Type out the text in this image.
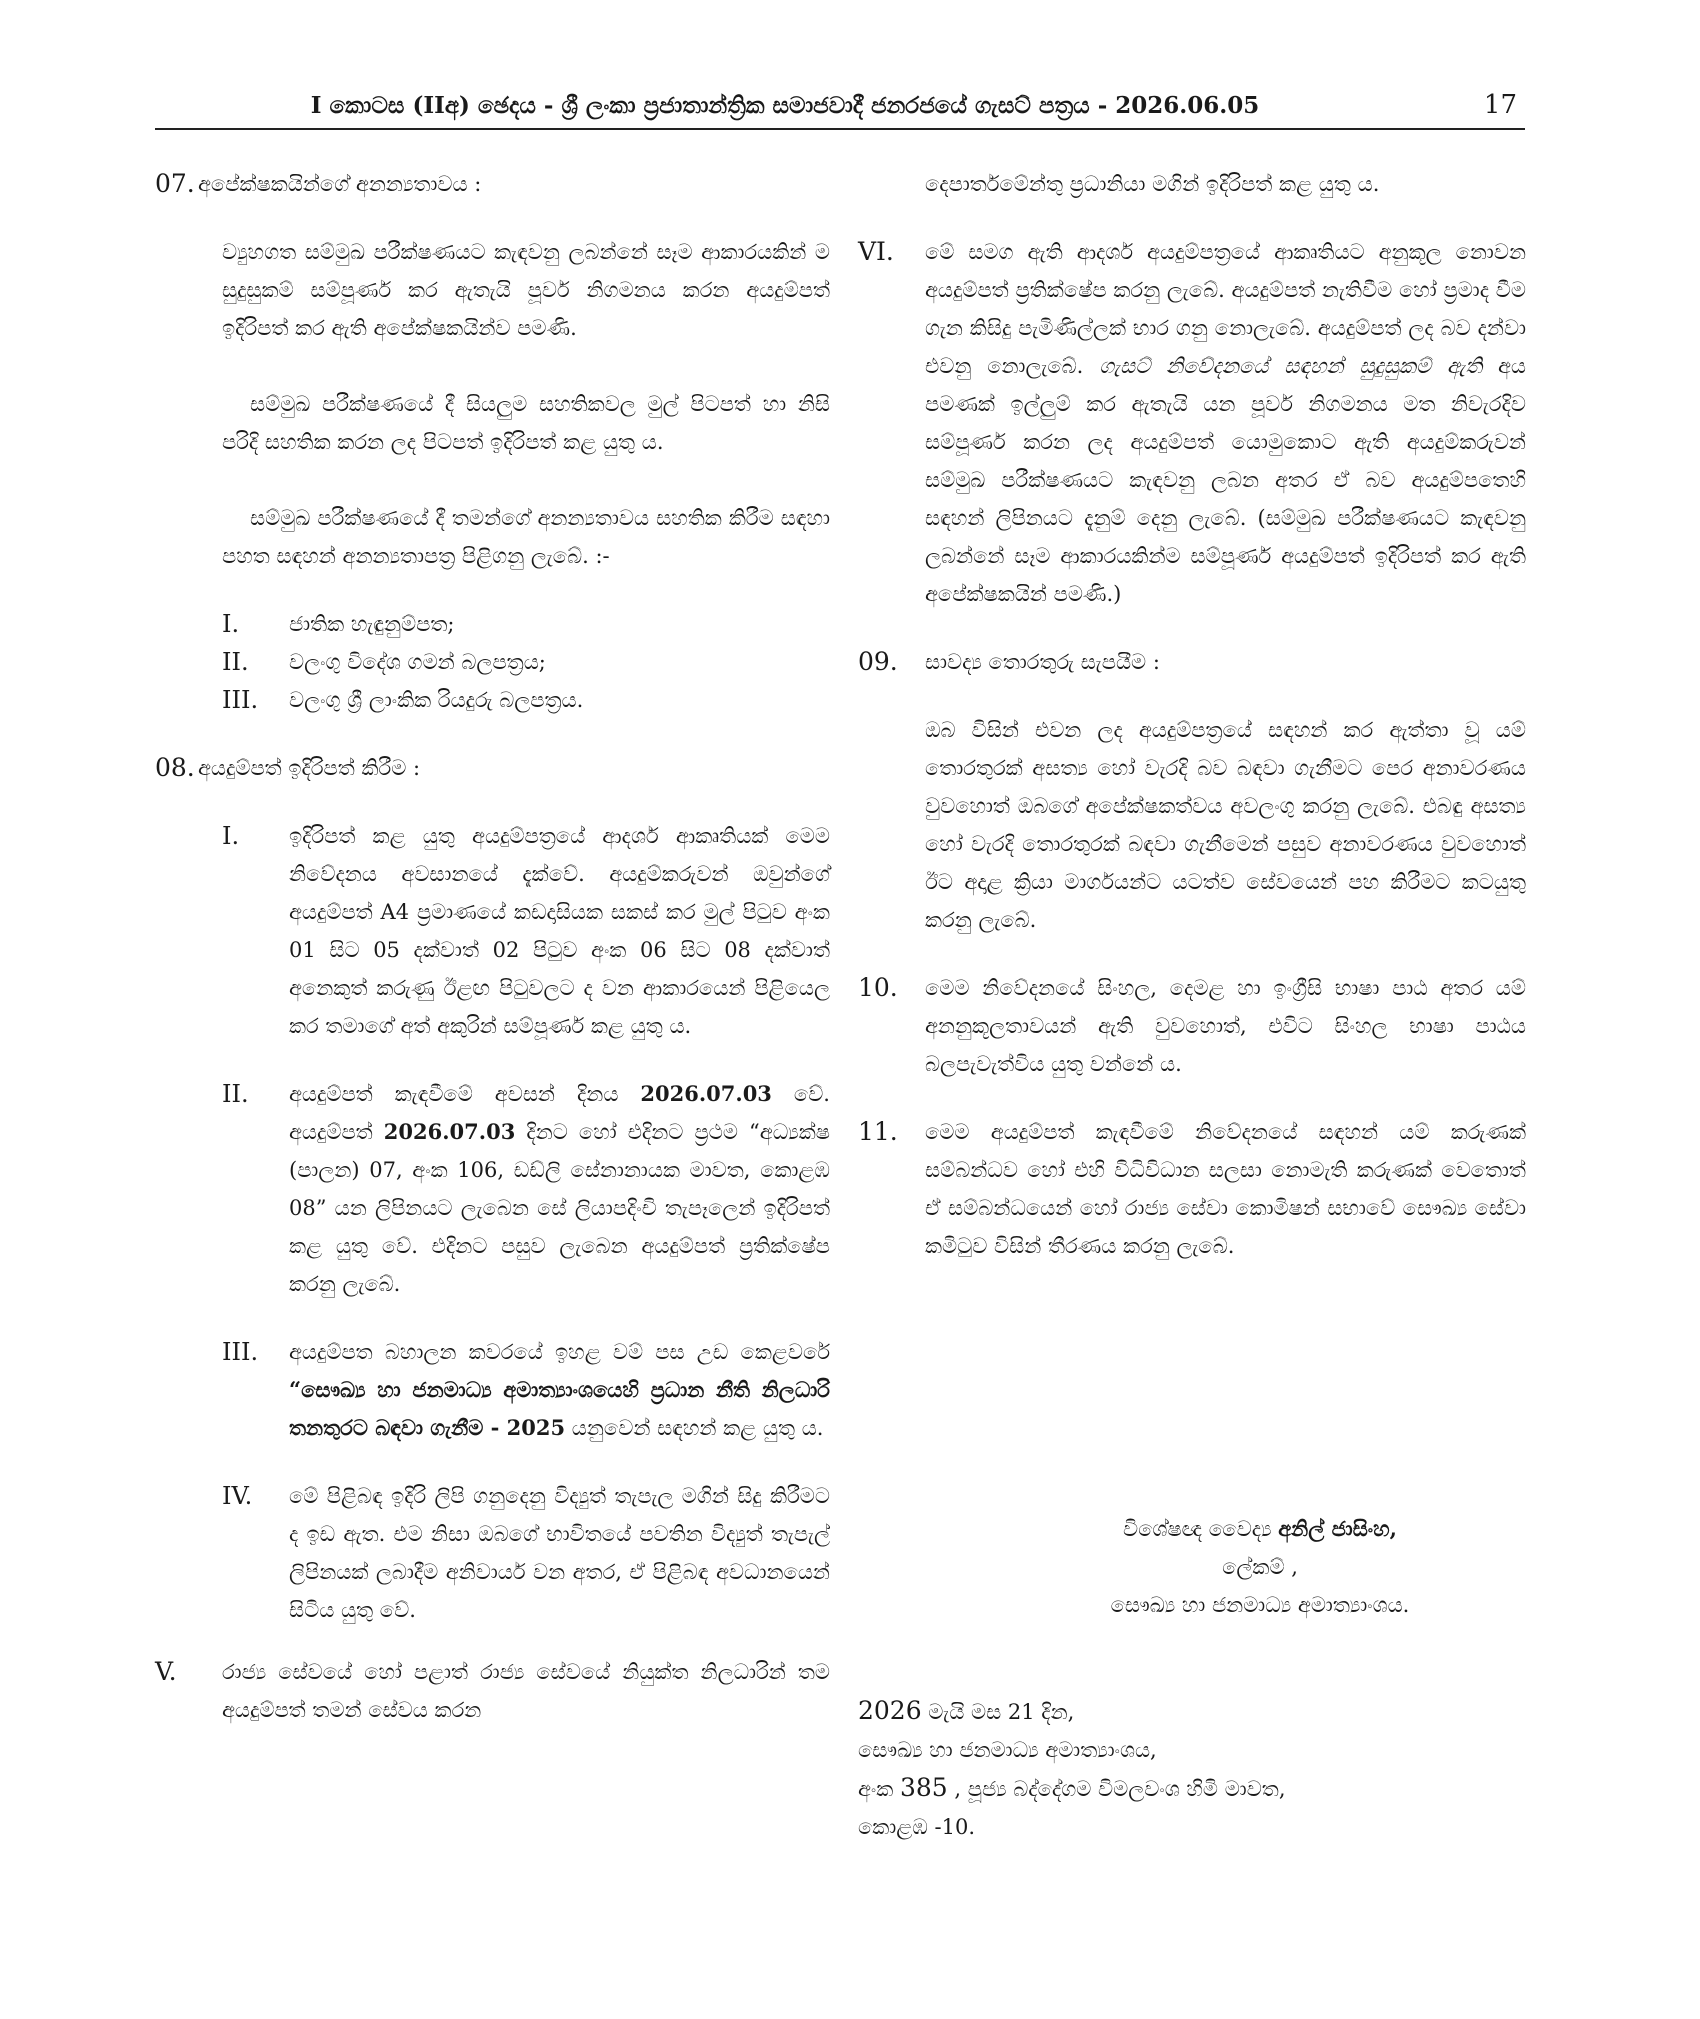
I කොටස (IIඅ) ඡෙදය - ශ්‍රී ලංකා ප්‍රජාතාන්ත්‍රික සමාජවාදී ජනරජයේ ගැසට් පත්‍රය - 2026.06.05	17
07. අපේක්ෂකයින්ගේ අනන්‍යතාවය :
ව්‍යුහගත සම්මුඛ පරීක්ෂණයට කැඳවනු ලබන්නේ සෑම ආකාරයකින් ම සුදුසුකම් සම්පූර්ණ කර ඇතැයි පූර්ව නිගමනය කරන අයදුම්පත් ඉදිරිපත් කර ඇති අපේක්ෂකයින්ව පමණි.
සම්මුඛ පරීක්ෂණයේ දී සියලුම සහතිකවල මුල් පිටපත් හා නිසි පරිදි සහතික කරන ලද පිටපත් ඉදිරිපත් කළ යුතු ය.
සම්මුඛ පරීක්ෂණයේ දී තමන්ගේ අනන්‍යතාවය සහතික කිරීම සඳහා පහත සඳහන් අනන්‍යතාපත්‍ර පිළිගනු ලැබේ. :-
I. ජාතික හැඳුනුම්පත;
II. වලංගු විදේශ ගමන් බලපත්‍රය;
III. වලංගු ශ්‍රී ලාංකික රියදුරු බලපත්‍රය.
08. අයදුම්පත් ඉදිරිපත් කිරීම :
I. ඉදිරිපත් කළ යුතු අයදුම්පත්‍රයේ ආදර්ශ ආකෘතියක් මෙම නිවේදනය අවසානයේ දැක්වේ. අයදුම්කරුවන් ඔවුන්ගේ අයදුම්පත් A4 ප්‍රමාණයේ කඩදාසියක සකස් කර මුල් පිටුව අංක 01 සිට 05 දක්වාත් 02 පිටුව අංක 06 සිට 08 දක්වාත් අනෙකුත් කරුණු ඊළඟ පිටුවලට ද වන ආකාරයෙන් පිළියෙල කර තමාගේ අත් අකුරින් සම්පූර්ණ කළ යුතු ය.
II. අයදුම්පත් කැඳවීමේ අවසන් දිනය 2026.07.03 වේ. අයදුම්පත් 2026.07.03 දිනට හෝ එදිනට ප්‍රථම “අධ්‍යක්ෂ (පාලන) 07, අංක 106, ඩඩ්ලි සේනානායක මාවත, කොළඹ 08” යන ලිපිනයට ලැබෙන සේ ලියාපදිංචි තැපෑලෙන් ඉදිරිපත් කළ යුතු වේ. එදිනට පසුව ලැබෙන අයදුම්පත් ප්‍රතික්ෂේප කරනු ලැබේ.
III. අයදුම්පත බහාලන කවරයේ ඉහළ වම් පස උඩ කෙළවරේ “සෞඛ්‍ය හා ජනමාධ්‍ය අමාත්‍යාංශයෙහි ප්‍රධාන නීති නිලධාරි තනතුරට බඳවා ගැනීම - 2025 යනුවෙන් සඳහන් කළ යුතු ය.
IV. මේ පිළිබඳ ඉදිරි ලිපි ගනුදෙනු විද්‍යුත් තැපැල මගින් සිදු කිරීමට ද ඉඩ ඇත. එම නිසා ඔබගේ භාවිතයේ පවතින විද්‍යුත් තැපැල් ලිපිනයක් ලබාදීම අනිවාර්ය වන අතර, ඒ පිළිබඳ අවධානයෙන් සිටිය යුතු වේ.
V. රාජ්‍ය සේවයේ හෝ පළාත් රාජ්‍ය සේවයේ නියුක්ත නිලධාරින් තම අයදුම්පත් තමන් සේවය කරන
දෙපාර්තමේන්තු ප්‍රධානියා මගින් ඉදිරිපත් කළ යුතු ය.
VI. මේ සමග ඇති ආදර්ශ අයදුම්පත්‍රයේ ආකෘතියට අනුකූල නොවන අයදුම්පත් ප්‍රතික්ෂේප කරනු ලැබේ. අයදුම්පත් නැතිවීම හෝ ප්‍රමාද වීම ගැන කිසිදු පැමිණිල්ලක් භාර ගනු නොලැබේ. අයදුම්පත් ලද බව දන්වා එවනු නොලැබේ. ගැසට් නිවේදනයේ සඳහන් සුදුසුකම් ඇති අය පමණක් ඉල්ලුම් කර ඇතැයි යන පූර්ව නිගමනය මත නිවැරදිව සම්පූර්ණ කරන ලද අයදුම්පත් යොමුකොට ඇති අයදුම්කරුවන් සම්මුඛ පරීක්ෂණයට කැඳවනු ලබන අතර ඒ බව අයදුම්පතෙහි සඳහන් ලිපිනයට දැනුම් දෙනු ලැබේ. (සම්මුඛ පරීක්ෂණයට කැඳවනු ලබන්නේ සෑම ආකාරයකින්ම සම්පූර්ණ අයදුම්පත් ඉදිරිපත් කර ඇති අපේක්ෂකයින් පමණි.)
09.	සාවද්‍ය තොරතුරු සැපයීම :
ඔබ විසින් එවන ලද අයදුම්පත්‍රයේ සඳහන් කර ඇත්තා වූ යම් තොරතුරක් අසත්‍ය හෝ වැරදි බව බඳවා ගැනීමට පෙර අනාවරණය වුවහොත් ඔබගේ අපේක්ෂකත්වය අවලංගු කරනු ලැබේ. එබඳු අසත්‍ය හෝ වැරදි තොරතුරක් බඳවා ගැනීමෙන් පසුව අනාවරණය වුවහොත් ඊට අදාළ ක්‍රියා මාර්ගයන්ට යටත්ව සේවයෙන් පහ කිරීමට කටයුතු කරනු ලැබේ.
10. මෙම නිවේදනයේ සිංහල, දෙමළ හා ඉංග්‍රීසි භාෂා පාඨ අතර යම් අනනුකූලතාවයන් ඇති වුවහොත්, එවිට සිංහල භාෂා පාඨය බලපැවැත්විය යුතු වන්නේ ය.
11. මෙම අයදුම්පත් කැඳවීමේ නිවේදනයේ සඳහන් යම් කරුණක් සම්බන්ධව හෝ එහි විධිවිධාන සලසා නොමැති කරුණක් වෙතොත් ඒ සම්බන්ධයෙන් හෝ රාජ්‍ය සේවා කොමිෂන් සභාවේ සෞඛ්‍ය සේවා කමිටුව විසින් තීරණය කරනු ලැබේ.
විශේෂඥ වෛද්‍ය අනිල් ජාසිංහ,
ලේකම් ,
සෞඛ්‍ය හා ජනමාධ්‍ය අමාත්‍යාංශය.
2026 මැයි මස 21 දින,
සෞඛ්‍ය හා ජනමාධ්‍ය අමාත්‍යාංශය,
අංක 385 , පූජ්‍ය බද්දේගම විමලවංශ හිමි මාවත,
කොළඹ -10.
